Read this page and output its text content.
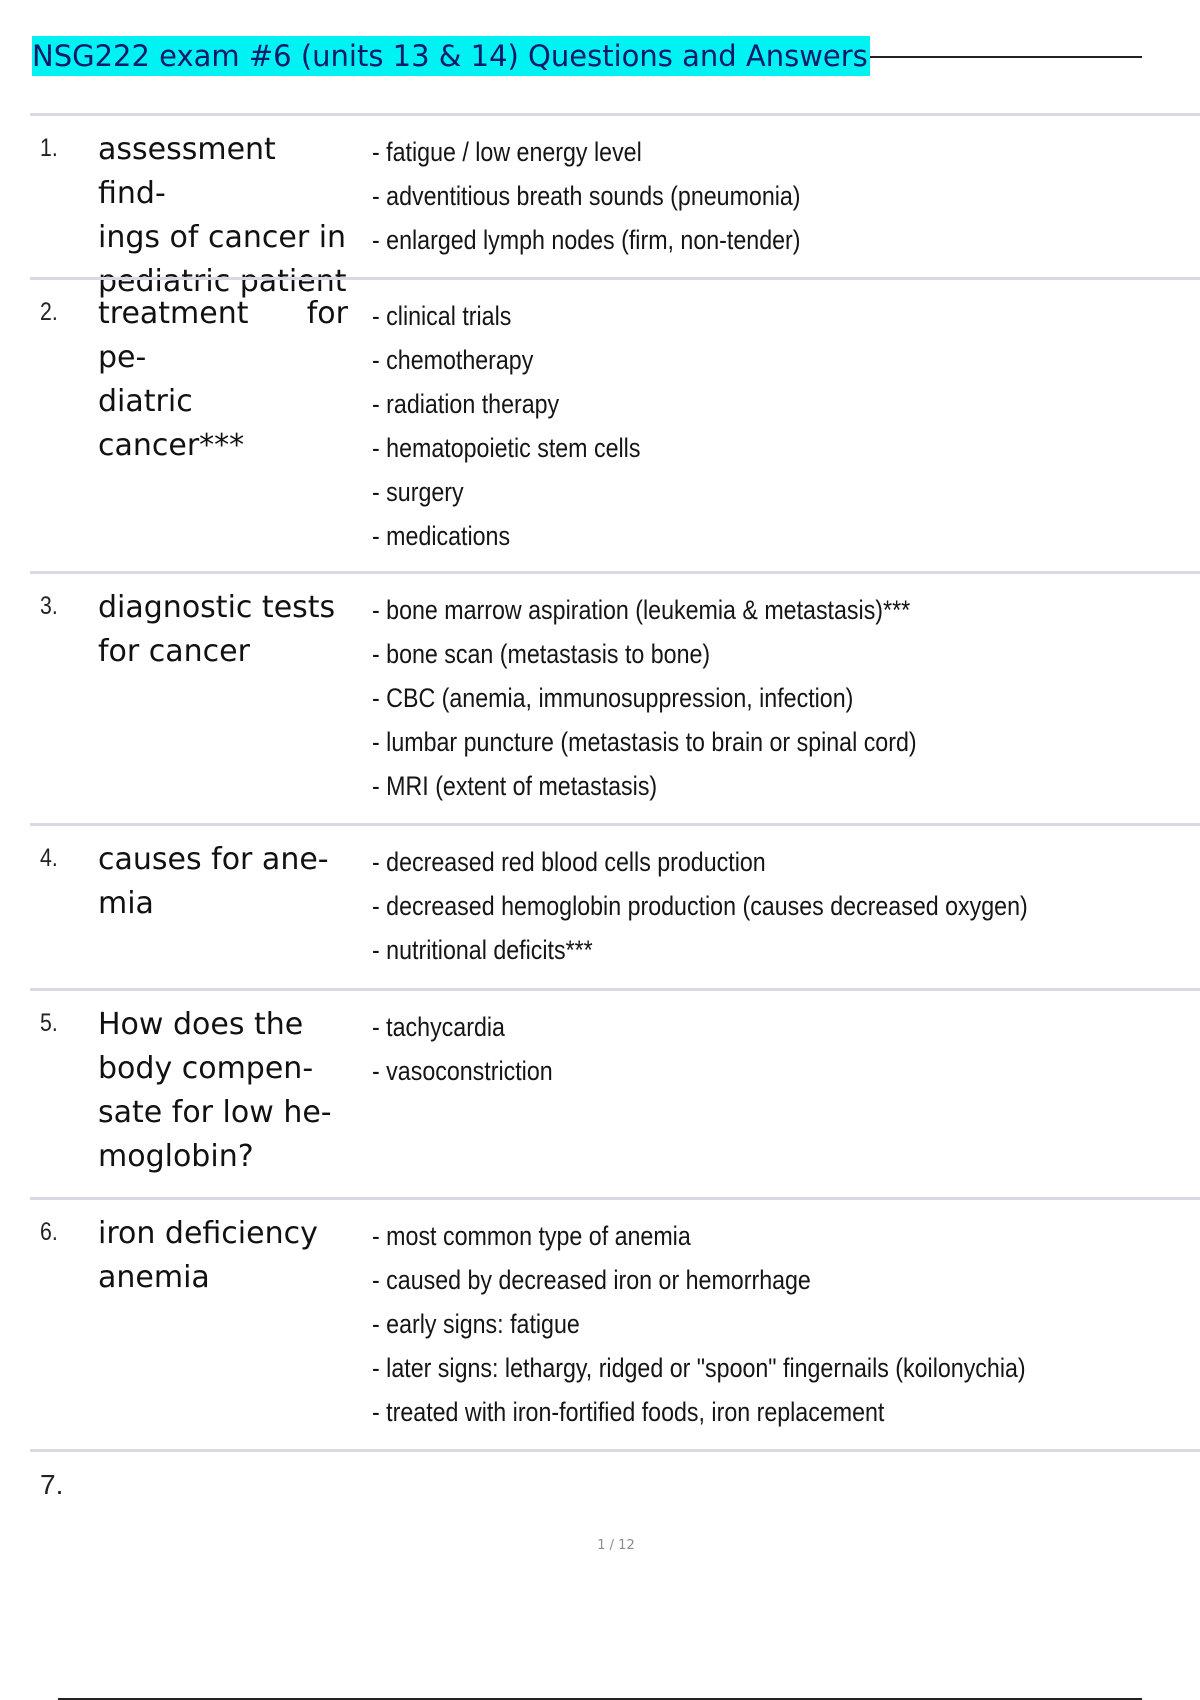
NSG222 exam #6 (units 13 & 14) Questions and Answers
1. assessment find-
ings of cancer in
pediatric patient
- fatigue / low energy level
- adventitious breath sounds (pneumonia)
- enlarged lymph nodes (firm, non-tender)
2. treatment for pe-
diatric cancer***
- clinical trials
- chemotherapy
- radiation therapy
- hematopoietic stem cells
- surgery
- medications
3. diagnostic tests
for cancer
- bone marrow aspiration (leukemia & metastasis)***
- bone scan (metastasis to bone)
- CBC (anemia, immunosuppression, infection)
- lumbar puncture (metastasis to brain or spinal cord)
- MRI (extent of metastasis)
4. causes for ane-
mia
- decreased red blood cells production
- decreased hemoglobin production (causes decreased oxygen)
- nutritional deficits***
5. How does the
body compen-
sate for low he-
moglobin?
- tachycardia
- vasoconstriction
6. iron deficiency
anemia
- most common type of anemia
- caused by decreased iron or hemorrhage
- early signs: fatigue
- later signs: lethargy, ridged or "spoon" fingernails (koilonychia)
- treated with iron-fortified foods, iron replacement
7.
1 / 12
